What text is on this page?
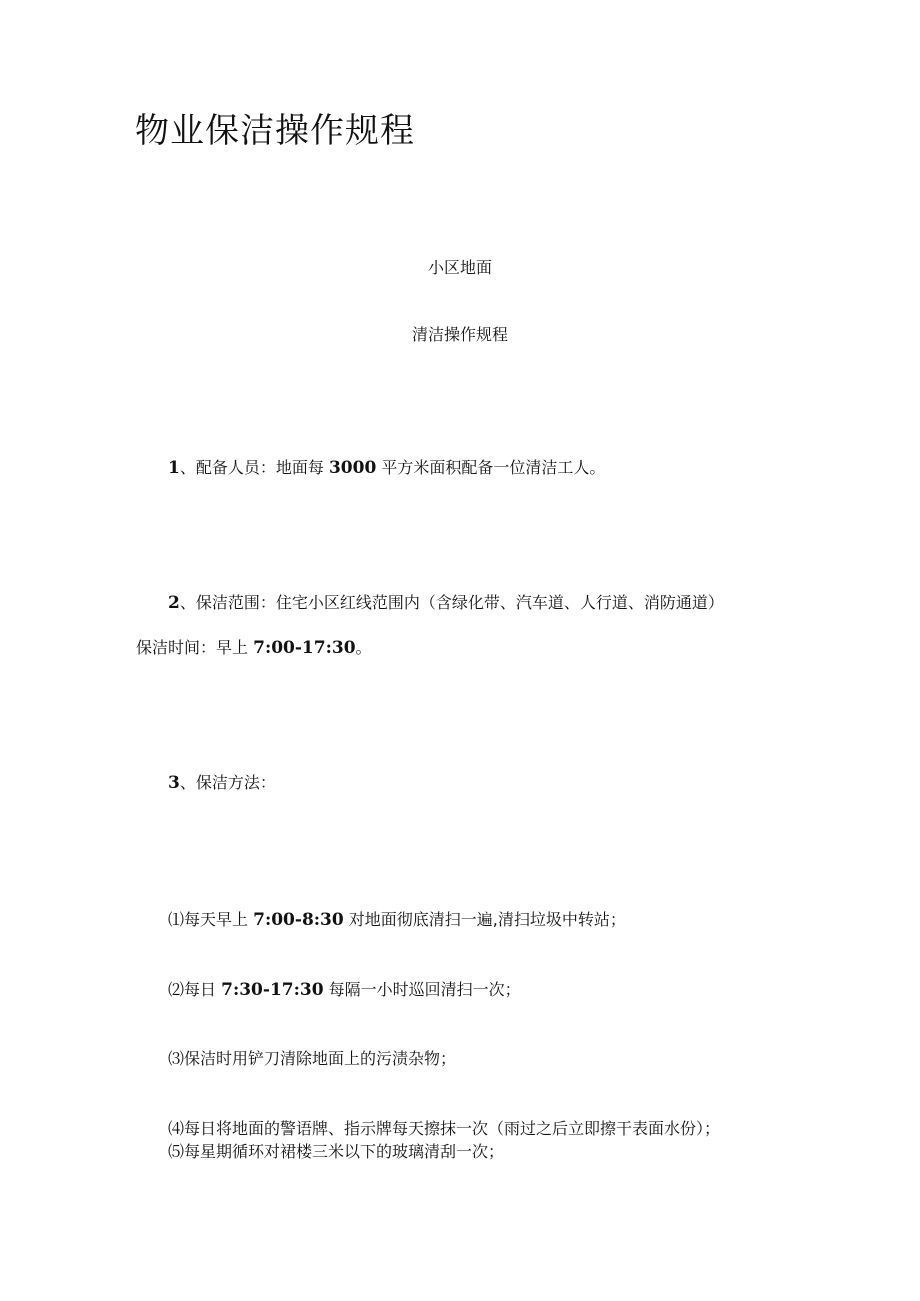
物业保洁操作规程
小区地面
清洁操作规程
1、配备人员：地面每 3000 平方米面积配备一位清洁工人。
2、保洁范围：住宅小区红线范围内（含绿化带、汽车道、人行道、消防通道）
保洁时间：早上 7:00-17:30。
3、保洁方法：
⑴每天早上 7:00-8:30 对地面彻底清扫一遍,清扫垃圾中转站；
⑵每日 7:30-17:30 每隔一小时巡回清扫一次；
⑶保洁时用铲刀清除地面上的污渍杂物；
⑷每日将地面的警语牌、指示牌每天擦抹一次（雨过之后立即擦干表面水份）；
⑸每星期循环对裙楼三米以下的玻璃清刮一次；
